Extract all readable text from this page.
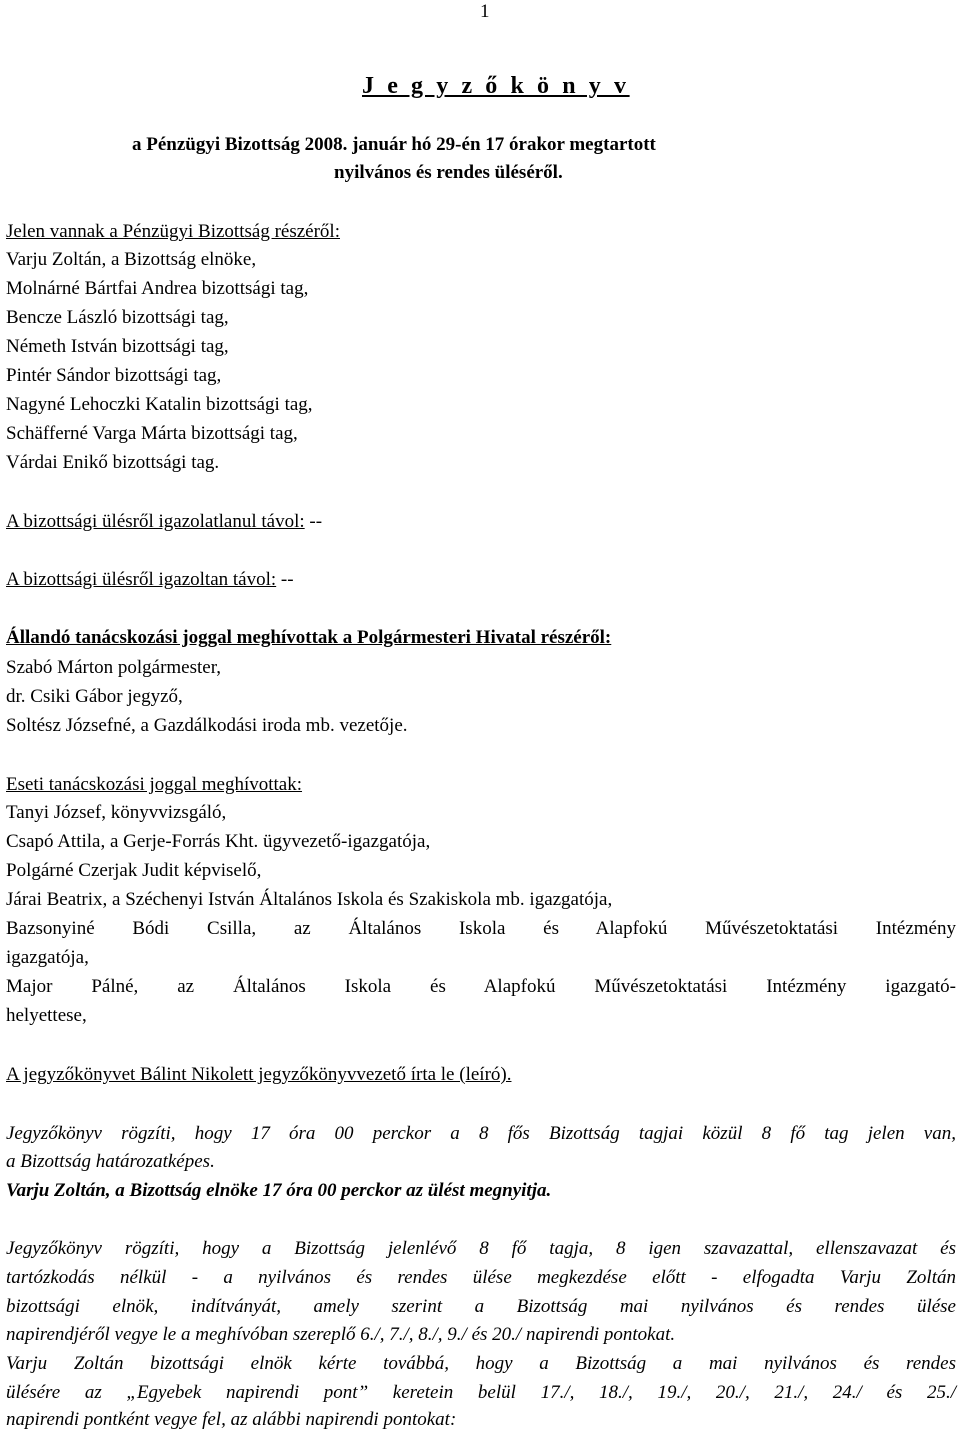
1
J e g y z ő k ö n y v
a Pénzügyi Bizottság 2008. január hó 29-én 17 órakor megtartott
nyilvános és rendes üléséről.
Jelen vannak a Pénzügyi Bizottság részéről:
Varju Zoltán, a Bizottság elnöke,
Molnárné Bártfai Andrea bizottsági tag,
Bencze László bizottsági tag,
Németh István bizottsági tag,
Pintér Sándor bizottsági tag,
Nagyné Lehoczki Katalin bizottsági tag,
Schäfferné Varga Márta bizottsági tag,
Várdai Enikő bizottsági tag.
A bizottsági ülésről igazolatlanul távol: --
A bizottsági ülésről igazoltan távol: --
Állandó tanácskozási joggal meghívottak a Polgármesteri Hivatal részéről:
Szabó Márton polgármester,
dr. Csiki Gábor jegyző,
Soltész Józsefné, a Gazdálkodási iroda mb. vezetője.
Eseti tanácskozási joggal meghívottak:
Tanyi József, könyvvizsgáló,
Csapó Attila, a Gerje-Forrás Kht. ügyvezető-igazgatója,
Polgárné Czerjak Judit képviselő,
Járai Beatrix, a Széchenyi István Általános Iskola és Szakiskola mb. igazgatója,
Bazsonyiné Bódi Csilla, az Általános Iskola és Alapfokú Művészetoktatási Intézmény
igazgatója,
Major Pálné, az Általános Iskola és Alapfokú Művészetoktatási Intézmény igazgató-
helyettese,
A jegyzőkönyvet Bálint Nikolett jegyzőkönyvvezető írta le (leíró).
Jegyzőkönyv rögzíti, hogy 17 óra 00 perckor a 8 fős Bizottság tagjai közül 8 fő tag jelen van,
a Bizottság határozatképes.
Varju Zoltán, a Bizottság elnöke 17 óra 00 perckor az ülést megnyitja.
Jegyzőkönyv rögzíti, hogy a Bizottság jelenlévő 8 fő tagja, 8 igen szavazattal, ellenszavazat és
tartózkodás nélkül - a nyilvános és rendes ülése megkezdése előtt - elfogadta Varju Zoltán
bizottsági elnök, indítványát, amely szerint a Bizottság mai nyilvános és rendes ülése
napirendjéről vegye le a meghívóban szereplő 6./, 7./, 8./, 9./ és 20./ napirendi pontokat.
Varju Zoltán bizottsági elnök kérte továbbá, hogy a Bizottság a mai nyilvános és rendes
ülésére az „Egyebek napirendi pont” keretein belül 17./, 18./, 19./, 20./, 21./, 24./ és 25./
napirendi pontként vegye fel, az alábbi napirendi pontokat:
